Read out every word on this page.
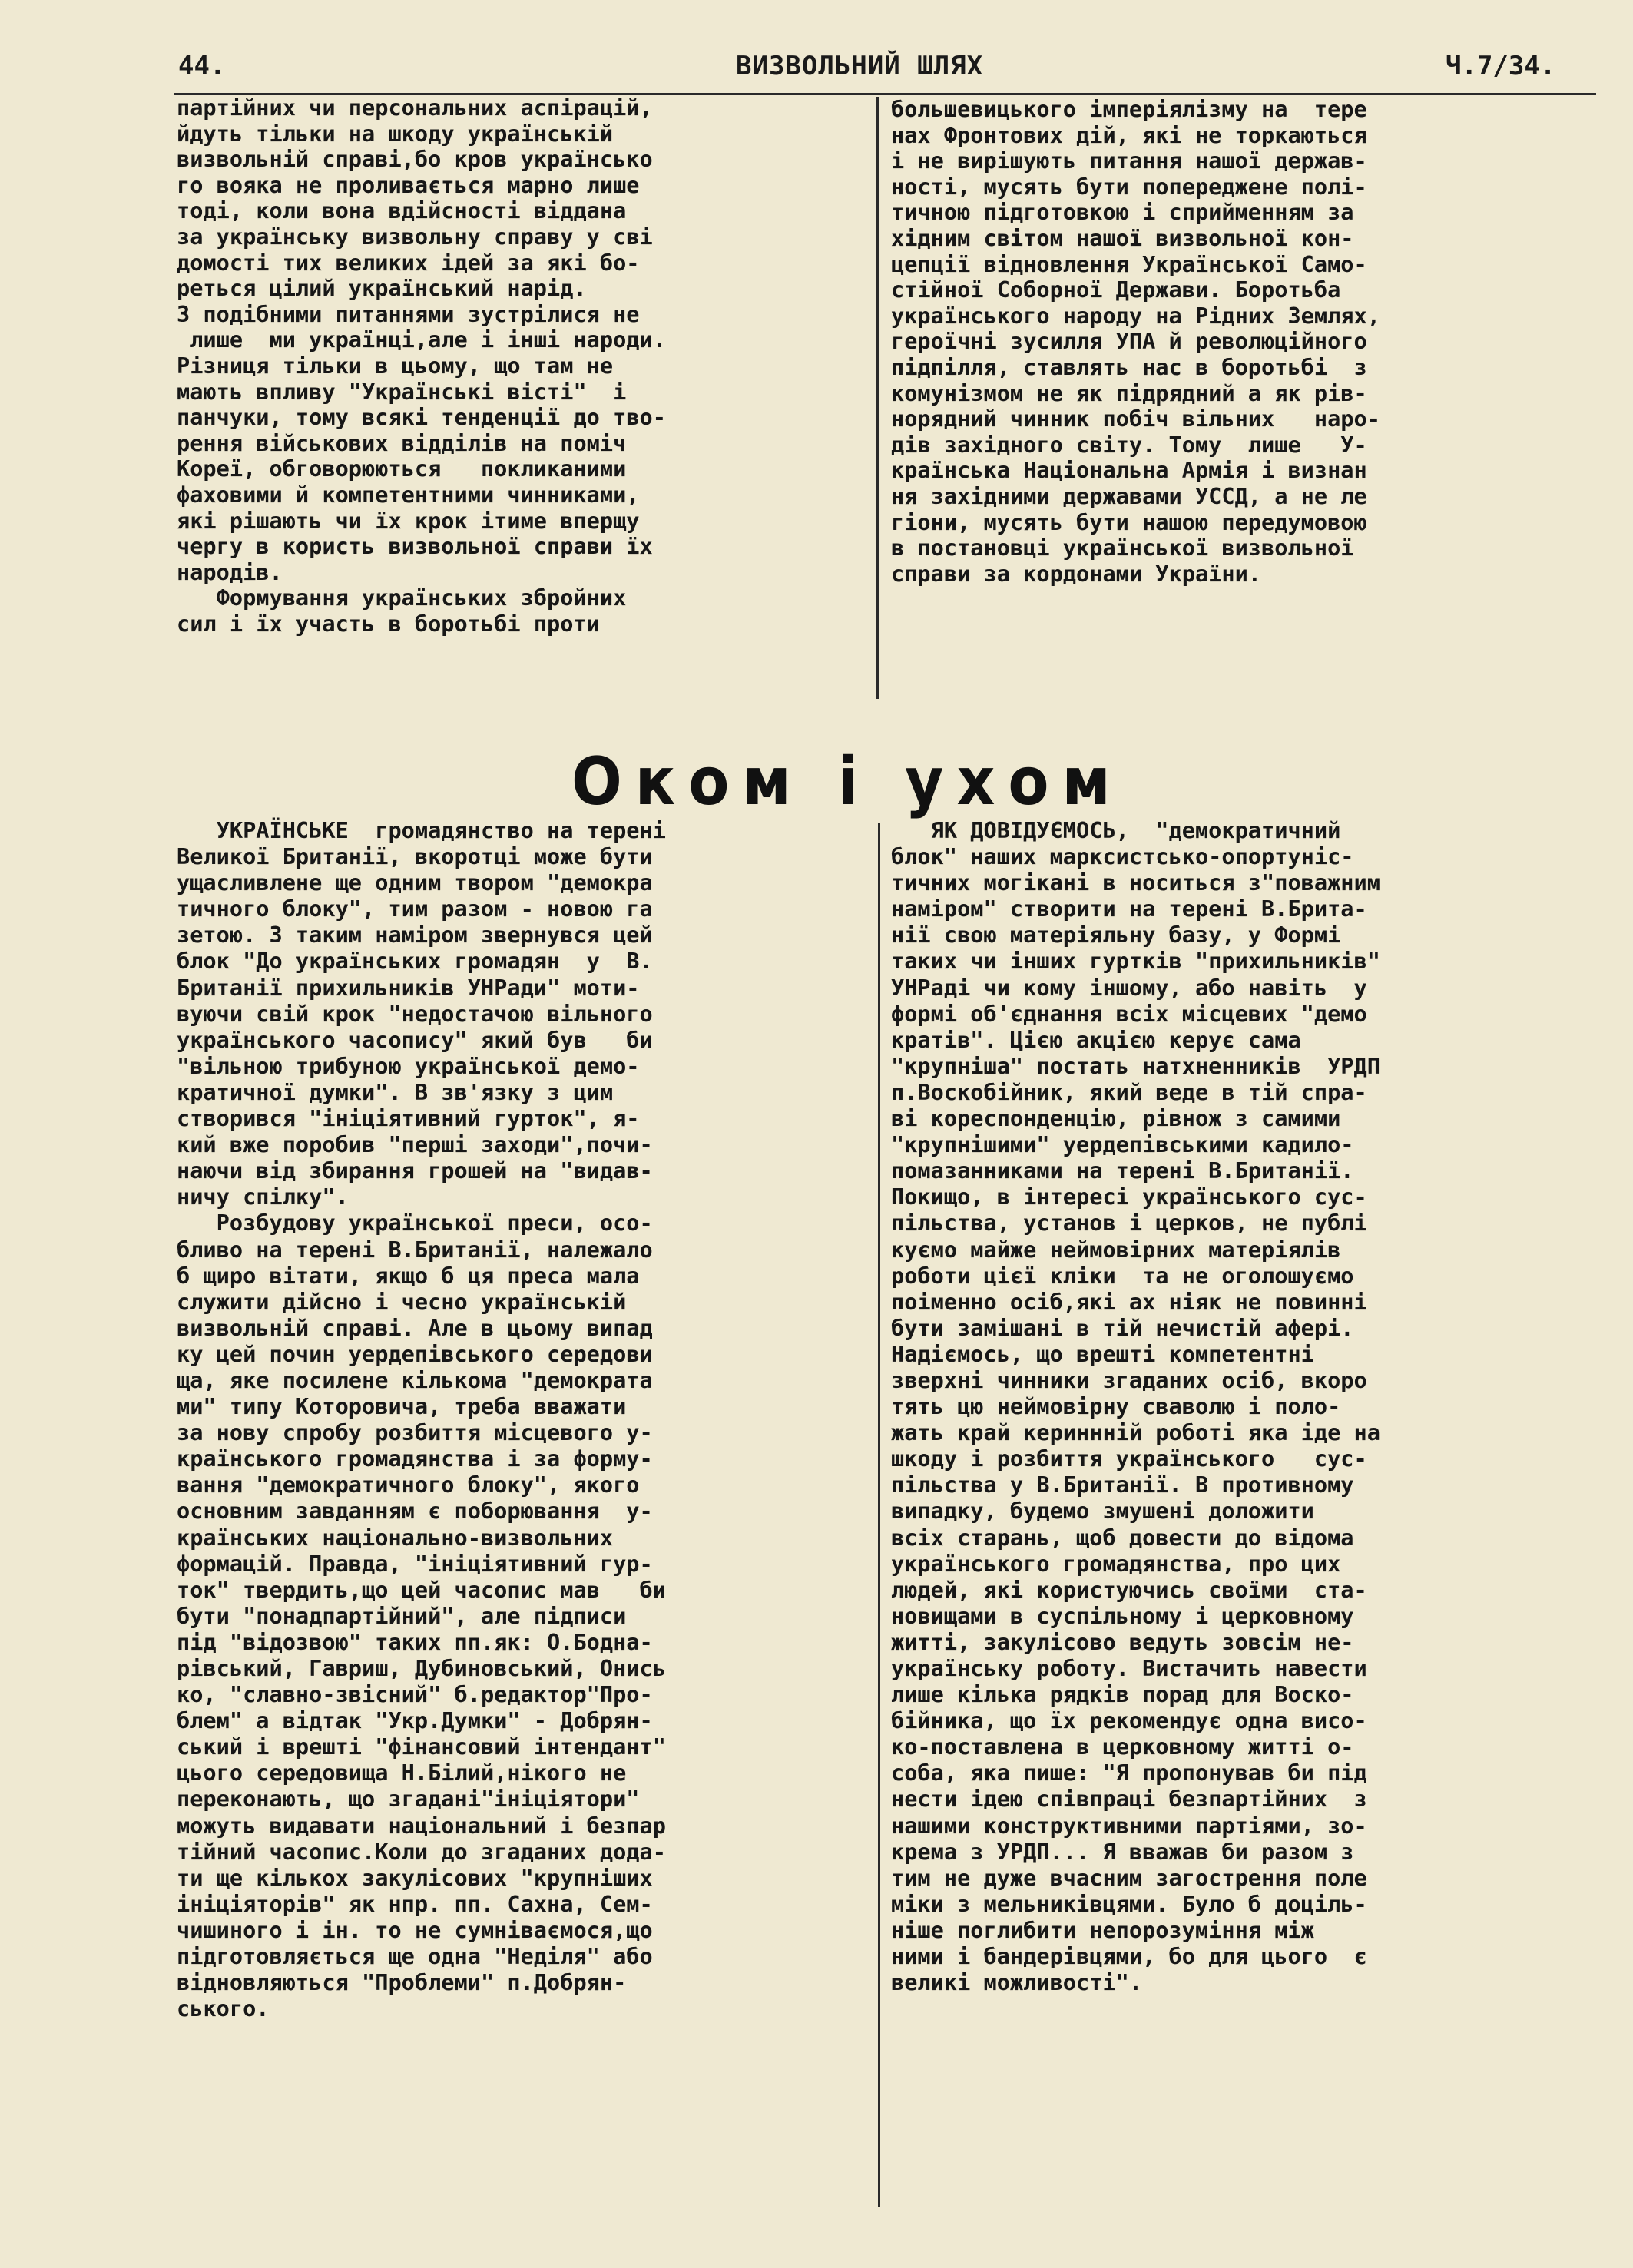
44.	ВИЗВОЛЬНИЙ ШЛЯХ	Ч.7/34.
партійних чи персональних аспірацій,
йдуть тільки на шкоду українській
визвольній справі,бо кров українсько
го вояка не проливається марно лише
тоді, коли вона вдійсності віддана
за українську визвольну справу у сві
домості тих великих ідей за які бо-
реться цілий український нарід.
З подібними питаннями зустрілися не
лише  ми українці,але і інші народи.
Різниця тільки в цьому, що там не
мають впливу "Українські вісті"  і
панчуки, тому всякі тенденції до тво-
рення військових відділів на поміч
Кореї, обговорюються   покликаними
фаховими й компетентними чинниками,
які рішають чи їх крок ітиме вперщу
чергу в користь визвольної справи їх
народів.
Формування українських збройних
сил і їх участь в боротьбі проти
большевицького імперіялізму на  тере
нах Фронтових дій, які не торкаються
і не вирішують питання нашої держав-
ності, мусять бути попереджене полі-
тичною підготовкою і сприйменням за
хідним світом нашої визвольної кон-
цепції відновлення Української Само-
стійної Соборної Держави. Боротьба
українського народу на Рідних Землях,
героїчні зусилля УПА й революційного
підпілля, ставлять нас в боротьбі  з
комунізмом не як підрядний а як рів-
норядний чинник побіч вільних   наро-
дів західного світу. Тому  лише   У-
країнська Національна Армія і визнан
ня західними державами УССД, а не ле
гіони, мусять бути нашою передумовою
в постановці української визвольної
справи за кордонами України.
Оком і ухом
УКРАЇНСЬКЕ  громадянство на терені
Великої Британії, вкоротці може бути
ущасливлене ще одним твором "демокра
тичного блоку", тим разом - новою га
зетою. З таким наміром звернувся цей
блок "До українських громадян  у  В.
Британії прихильників УНРади" моти-
вуючи свій крок "недостачою вільного
українського часопису" який був   би
"вільною трибуною української демо-
кратичної думки". В зв'язку з цим
створився "ініціятивний гурток", я-
кий вже поробив "перші заходи",почи-
наючи від збирання грошей на "видав-
ничу спілку".
Розбудову української преси, осо-
бливо на терені В.Британії, належало
б щиро вітати, якщо б ця преса мала
служити дійсно і чесно українській
визвольній справі. Але в цьому випад
ку цей почин уердепівського середови
ща, яке посилене кількома "демократа
ми" типу Которовича, треба вважати
за нову спробу розбиття місцевого у-
країнського громадянства і за форму-
вання "демократичного блоку", якого
основним завданням є поборювання  у-
країнських національно-визвольних
формацій. Правда, "ініціятивний гур-
ток" твердить,що цей часопис мав   би
бути "понадпартійний", але підписи
під "відозвою" таких пп.як: О.Бодна-
рівський, Гавриш, Дубиновський, Онись
ко, "славно-звісний" б.редактор"Про-
блем" а відтак "Укр.Думки" - Добрян-
ський і врешті "фінансовий інтендант"
цього середовища Н.Білий,нікого не
переконають, що згадані"ініціятори"
можуть видавати національний і безпар
тійний часопис.Коли до згаданих дода-
ти ще кількох закулісових "крупніших
ініціяторів" як нпр. пп. Сахна, Сем-
чишиного і ін. то не сумніваємося,що
підготовляється ще одна "Неділя" або
відновляються "Проблеми" п.Добрян-
ського.
ЯК ДОВІДУЄМОСЬ,  "демократичний
блок" наших марксистсько-опортуніс-
тичних могікані в носиться з"поважним
наміром" створити на терені В.Брита-
нії свою матеріяльну базу, у Формі
таких чи інших гуртків "прихильників"
УНРаді чи кому іншому, або навіть  у
формі об'єднання всіх місцевих "демо
кратів". Цією акцією керує сама
"крупніша" постать натхненників  УРДП
п.Воскобійник, який веде в тій спра-
ві кореспонденцію, рівнож з самими
"крупнішими" уердепівськими кадило-
помазанниками на терені В.Британії.
Покищо, в інтересі українського сус-
пільства, установ і церков, не публі
куємо майже неймовірних матеріялів
роботи цієї кліки  та не оголошуємо
поіменно осіб,які ах ніяк не повинні
бути замішані в тій нечистій афері.
Надіємось, що врешті компетентні
зверхні чинники згаданих осіб, вкоро
тять цю неймовірну сваволю і поло-
жать край кериннній роботі яка іде на
шкоду і розбиття українського   сус-
пільства у В.Британії. В противному
випадку, будемо змушені доложити
всіх старань, щоб довести до відома
українського громадянства, про цих
людей, які користуючись своїми  ста-
новищами в суспільному і церковному
житті, закулісово ведуть зовсім не-
українську роботу. Вистачить навести
лише кілька рядків порад для Воско-
бійника, що їх рекомендує одна висо-
ко-поставлена в церковному житті о-
соба, яка пише: "Я пропонував би під
нести ідею співпраці безпартійних  з
нашими конструктивними партіями, зо-
крема з УРДП... Я вважав би разом з
тим не дуже вчасним загострення поле
міки з мельниківцями. Було б доціль-
ніше поглибити непорозуміння між
ними і бандерівцями, бо для цього  є
великі можливості".
